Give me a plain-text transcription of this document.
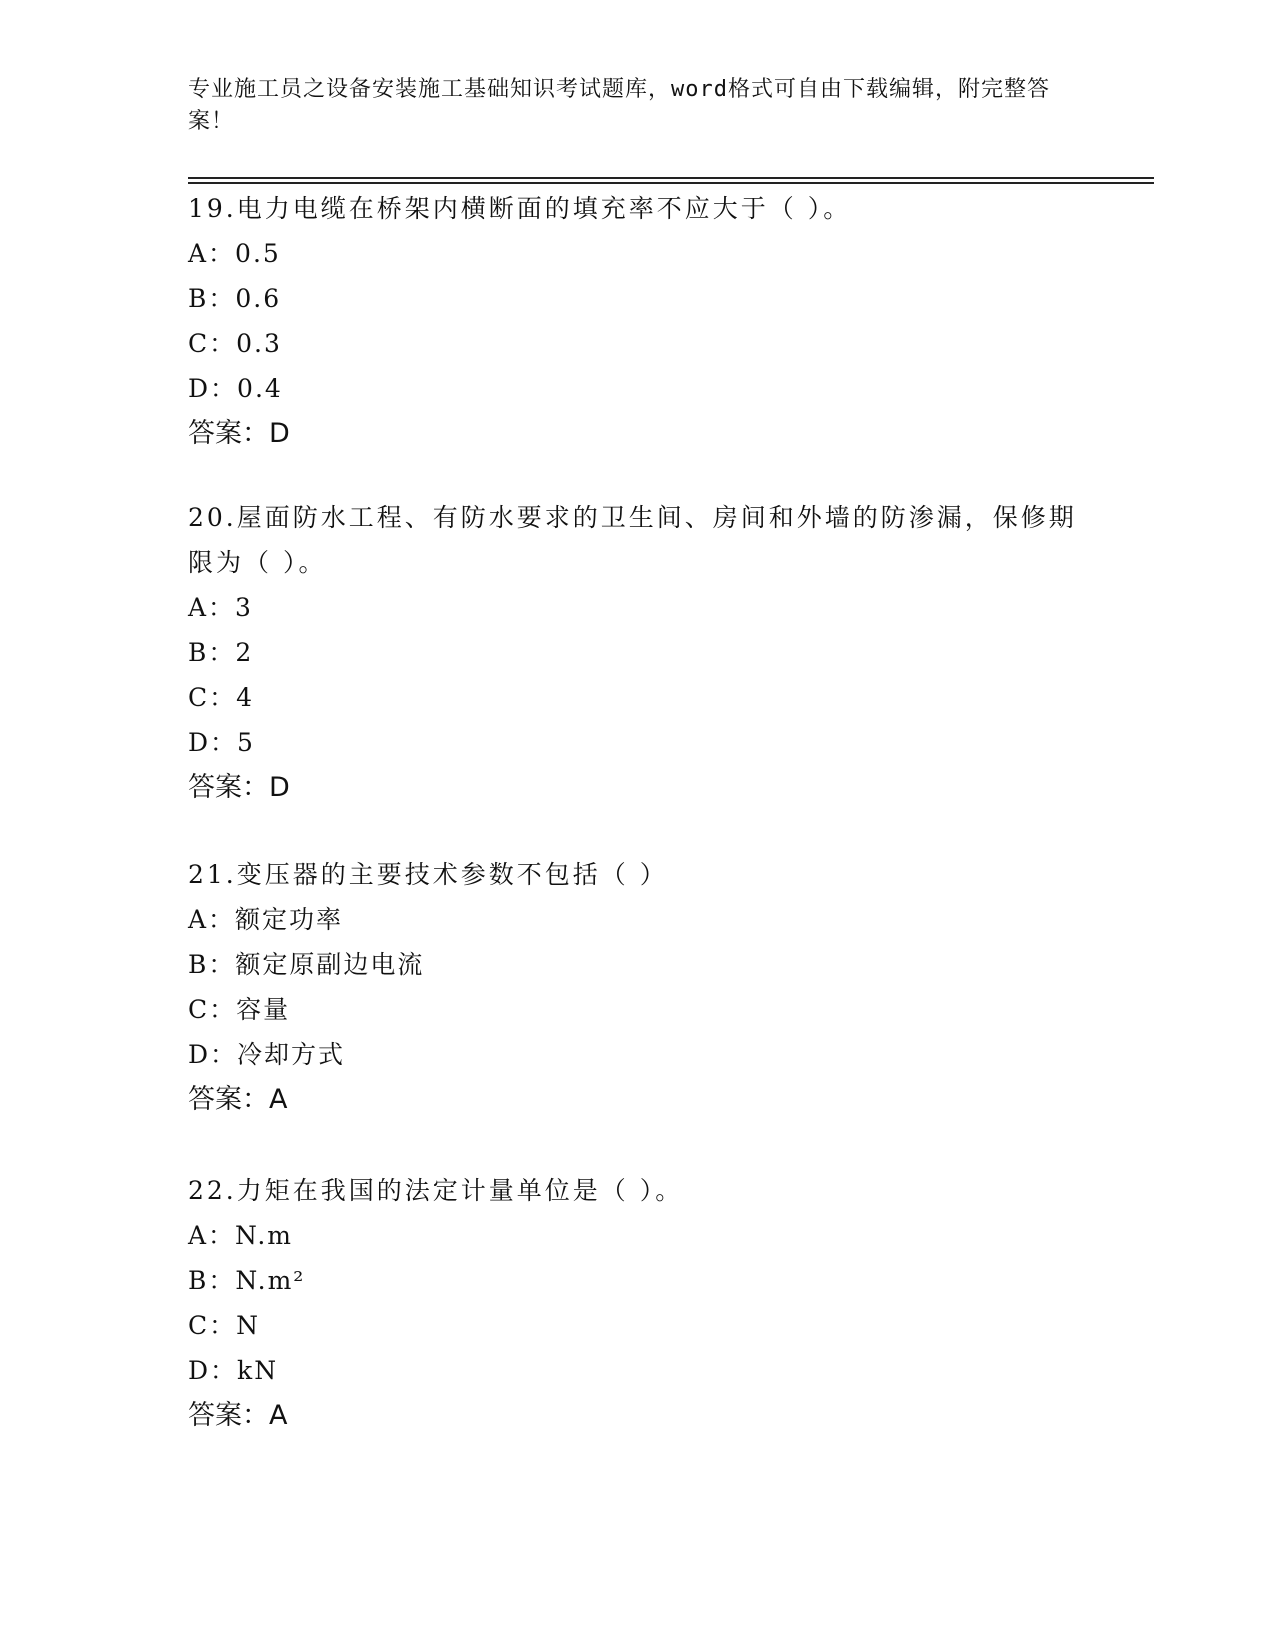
专业施工员之设备安装施工基础知识考试题库，word格式可自由下载编辑，附完整答案！

19.电力电缆在桥架内横断面的填充率不应大于（ ）。

A：0.5

B：0.6

C：0.3

D：0.4

答案：D

20.屋面防水工程、有防水要求的卫生间、房间和外墙的防渗漏，保修期限为（ ）。

A：3

B：2

C：4

D：5

答案：D

21.变压器的主要技术参数不包括（ ）

A：额定功率

B：额定原副边电流

C：容量

D：冷却方式

答案：A

22.力矩在我国的法定计量单位是（ ）。

A：N.m

B：N.m²

C：N

D：kN

答案：A
